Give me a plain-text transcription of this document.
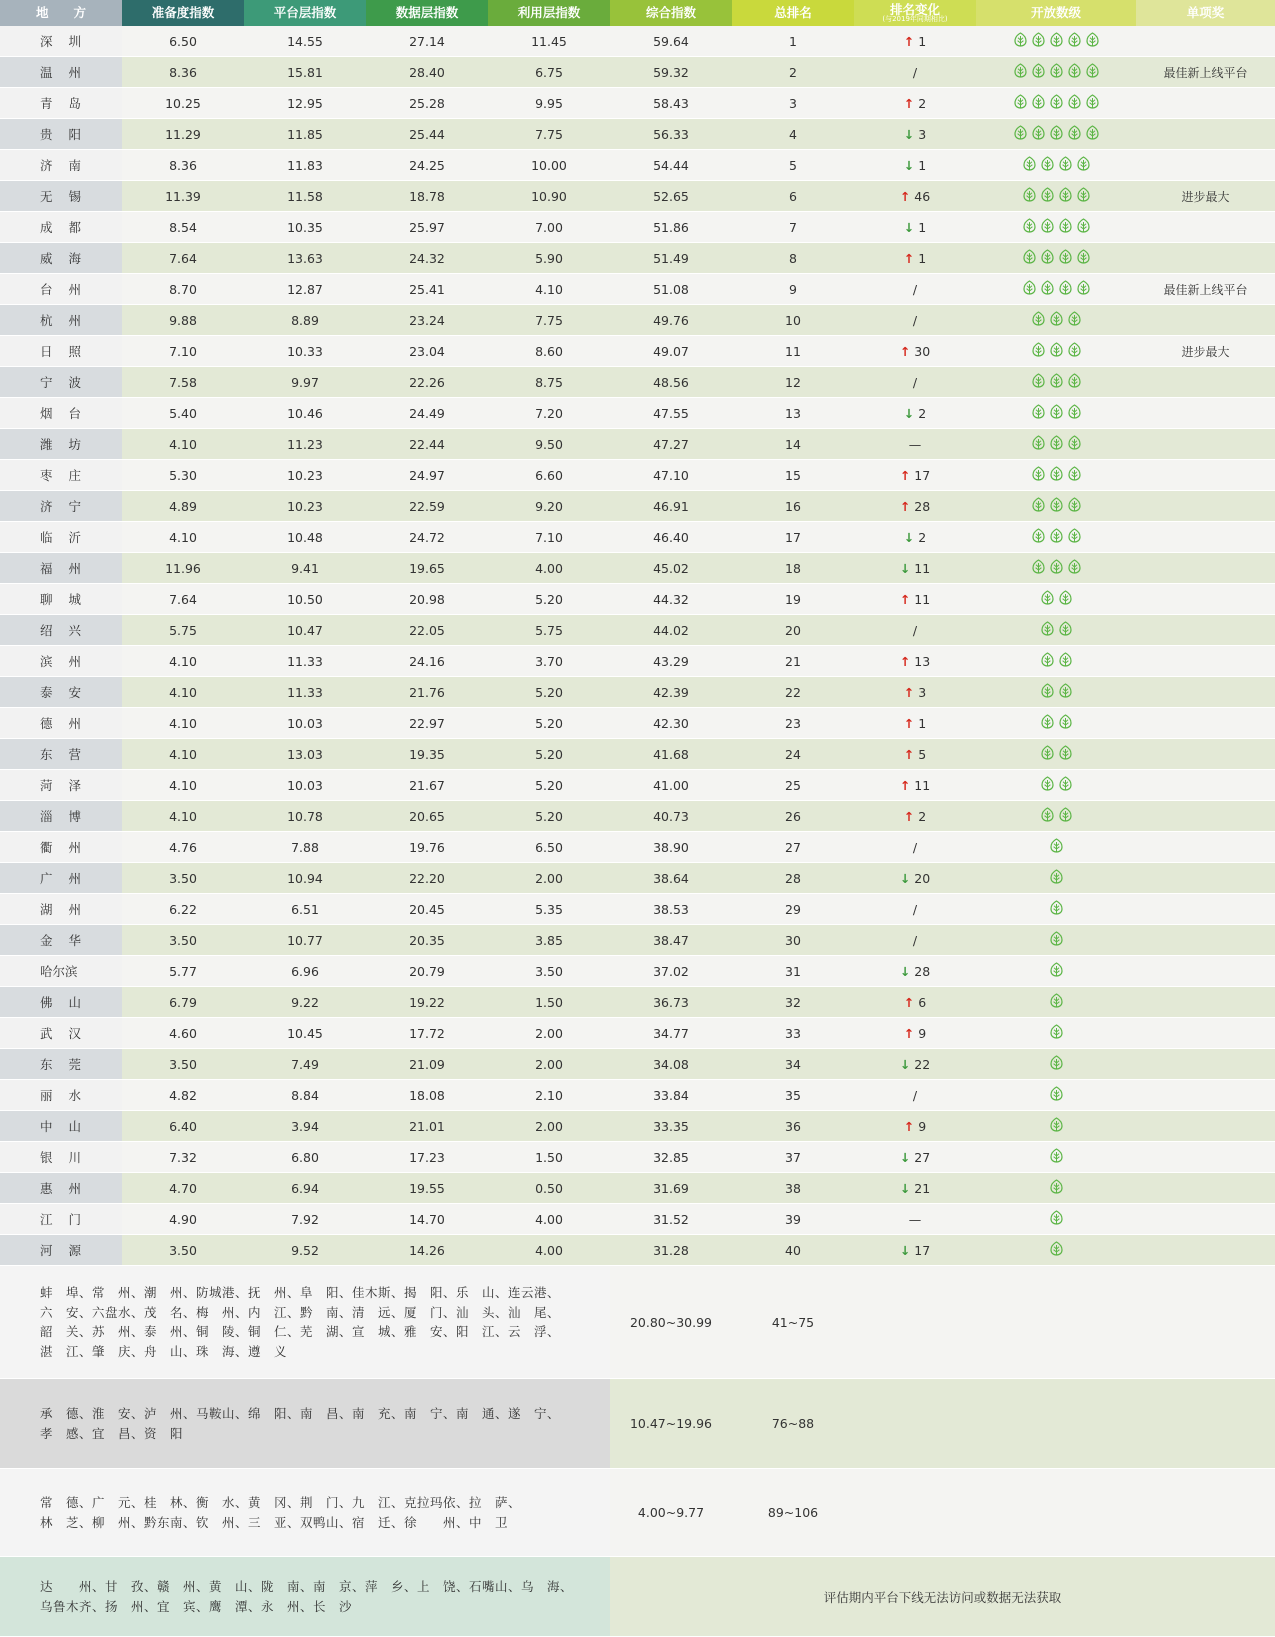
地　　方	准备度指数	平台层指数	数据层指数	利用层指数	综合指数	总排名	排名变化
(与2019年同期相比)	开放数级	单项奖
深圳	6.50	14.55	27.14	11.45	59.64	1	↑ 1	

温州	8.36	15.81	28.40	6.75	59.32	2	/		最佳新上线平台
青岛	10.25	12.95	25.28	9.95	58.43	3	↑ 2	

贵阳	11.29	11.85	25.44	7.75	56.33	4	↓ 3	

济南	8.36	11.83	24.25	10.00	54.44	5	↓ 1	

无锡	11.39	11.58	18.78	10.90	52.65	6	↑ 46		进步最大
成都	8.54	10.35	25.97	7.00	51.86	7	↓ 1	

威海	7.64	13.63	24.32	5.90	51.49	8	↑ 1	

台州	8.70	12.87	25.41	4.10	51.08	9	/		最佳新上线平台
杭州	9.88	8.89	23.24	7.75	49.76	10	/	

日照	7.10	10.33	23.04	8.60	49.07	11	↑ 30		进步最大
宁波	7.58	9.97	22.26	8.75	48.56	12	/	

烟台	5.40	10.46	24.49	7.20	47.55	13	↓ 2	

潍坊	4.10	11.23	22.44	9.50	47.27	14	—	

枣庄	5.30	10.23	24.97	6.60	47.10	15	↑ 17	

济宁	4.89	10.23	22.59	9.20	46.91	16	↑ 28	

临沂	4.10	10.48	24.72	7.10	46.40	17	↓ 2	

福州	11.96	9.41	19.65	4.00	45.02	18	↓ 11	

聊城	7.64	10.50	20.98	5.20	44.32	19	↑ 11	

绍兴	5.75	10.47	22.05	5.75	44.02	20	/	

滨州	4.10	11.33	24.16	3.70	43.29	21	↑ 13	

泰安	4.10	11.33	21.76	5.20	42.39	22	↑ 3	

德州	4.10	10.03	22.97	5.20	42.30	23	↑ 1	

东营	4.10	13.03	19.35	5.20	41.68	24	↑ 5	

菏泽	4.10	10.03	21.67	5.20	41.00	25	↑ 11	

淄博	4.10	10.78	20.65	5.20	40.73	26	↑ 2	

衢州	4.76	7.88	19.76	6.50	38.90	27	/	

广州	3.50	10.94	22.20	2.00	38.64	28	↓ 20	

湖州	6.22	6.51	20.45	5.35	38.53	29	/	

金华	3.50	10.77	20.35	3.85	38.47	30	/	

哈尔滨	5.77	6.96	20.79	3.50	37.02	31	↓ 28	

佛山	6.79	9.22	19.22	1.50	36.73	32	↑ 6	

武汉	4.60	10.45	17.72	2.00	34.77	33	↑ 9	

东莞	3.50	7.49	21.09	2.00	34.08	34	↓ 22	

丽水	4.82	8.84	18.08	2.10	33.84	35	/	

中山	6.40	3.94	21.01	2.00	33.35	36	↑ 9	

银川	7.32	6.80	17.23	1.50	32.85	37	↓ 27	

惠州	4.70	6.94	19.55	0.50	31.69	38	↓ 21	

江门	4.90	7.92	14.70	4.00	31.52	39	—	

河源	3.50	9.52	14.26	4.00	31.28	40	↓ 17	

蚌　埠、常　州、潮　州、防城港、抚　州、阜　阳、佳木斯、揭　阳、乐　山、连云港、
六　安、六盘水、茂　名、梅　州、内　江、黔　南、清　远、厦　门、汕　头、汕　尾、
韶　关、苏　州、泰　州、铜　陵、铜　仁、芜　湖、宣　城、雅　安、阳　江、云　浮、
湛　江、肇　庆、舟　山、珠　海、遵　义					20.80~30.99	41~75			

承　德、淮　安、泸　州、马鞍山、绵　阳、南　昌、南　充、南　宁、南　通、遂　宁、
孝　感、宜　昌、资　阳					10.47~19.96	76~88			

常　德、广　元、桂　林、衡　水、黄　冈、荆　门、九　江、克拉玛依、拉　萨、
林　芝、柳　州、黔东南、钦　州、三　亚、双鸭山、宿　迁、徐　　州、中　卫					4.00~9.77	89~106			

达　　州、甘　孜、赣　州、黄　山、陇　南、南　京、萍　乡、上　饶、石嘴山、乌　海、
乌鲁木齐、扬　州、宜　宾、鹰　潭、永　州、长　沙					评估期内平台下线无法访问或数据无法获取				
